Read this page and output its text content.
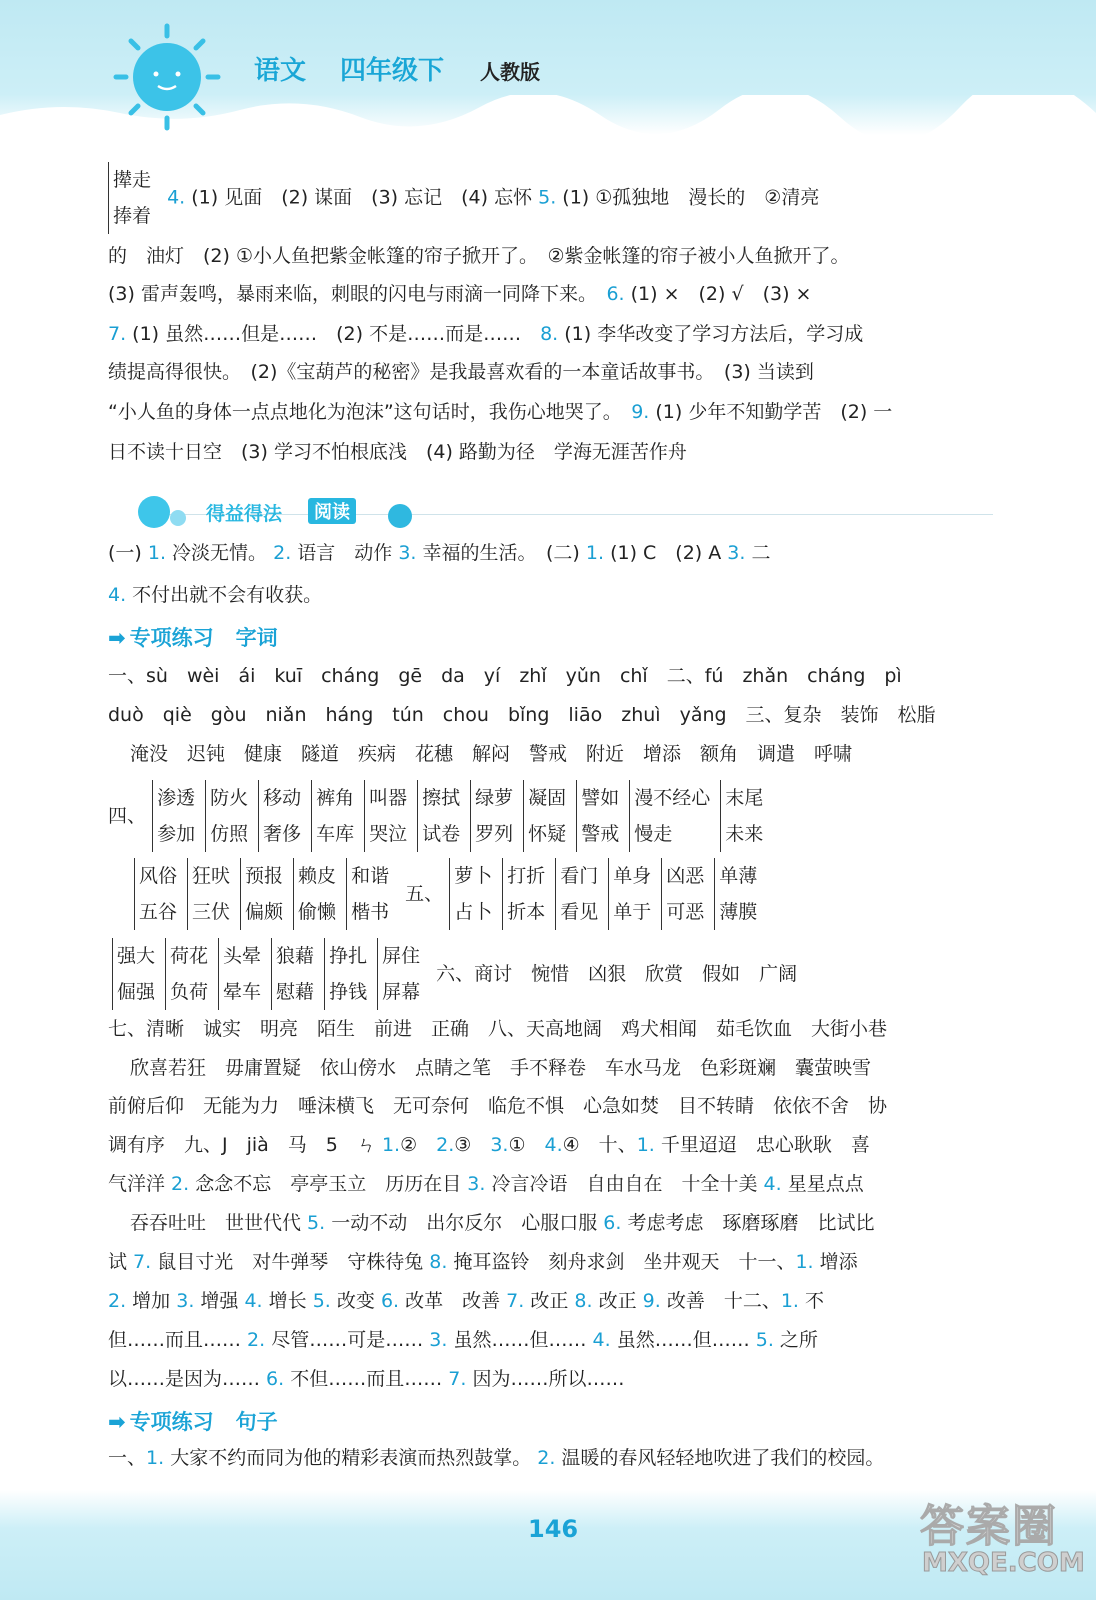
语文 四年级下 人教版
撵走
捧着
4. (1) 见面　(2) 谋面　(3) 忘记　(4) 忘怀 5. (1) ①孤独地　漫长的　②清亮
的　油灯　(2) ①小人鱼把紫金帐篷的帘子掀开了。　②紫金帐篷的帘子被小人鱼掀开了。
(3) 雷声轰鸣，暴雨来临，刺眼的闪电与雨滴一同降下来。　6. (1) ×　(2) √　(3) ×
7. (1) 虽然……但是……　(2) 不是……而是……　8. (1) 李华改变了学习方法后，学习成
绩提高得很快。　(2)《宝葫芦的秘密》是我最喜欢看的一本童话故事书。　(3) 当读到
“小人鱼的身体一点点地化为泡沫”这句话时，我伤心地哭了。　9. (1) 少年不知勤学苦　(2) 一
日不读十日空　(3) 学习不怕根底浅　(4) 路勤为径　学海无涯苦作舟
得益得法	阅读
(一) 1. 冷淡无情。 2. 语言　动作 3. 幸福的生活。　(二) 1. (1) C　(2) A 3. 二
4. 不付出就不会有收获。
➡ 专项练习 字词
一、sù　wèi　ái　kuī　cháng　gē　da　yí　zhǐ　yǔn　chǐ　二、fú　zhǎn　cháng　pì
duò　qiè　gòu　niǎn　háng　tún　chou　bǐng　liāo　zhuì　yǎng　三、复杂　装饰　松脂
淹没　迟钝　健康　隧道　疾病　花穗　解闷　警戒　附近　增添　额角　调遣　呼啸
四、
渗透
参加
防火
仿照
移动
奢侈
裤角
车库
叫器
哭泣
擦拭
试卷
绿萝
罗列
凝固
怀疑
譬如
警戒
漫不经心
慢走
末尾
未来
风俗
五谷
狂吠
三伏
预报
偏颇
赖皮
偷懒
和谐
楷书
五、
萝卜
占卜
打折
折本
看门
看见
单身
单于
凶恶
可恶
单薄
薄膜
强大
倔强
荷花
负荷
头晕
晕车
狼藉
慰藉
挣扎
挣钱
屏住
屏幕
六、商讨　惋惜　凶狠　欣赏　假如　广阔
七、清晰　诚实　明亮　陌生　前进　正确　八、天高地阔　鸡犬相闻　茹毛饮血　大街小巷
欣喜若狂　毋庸置疑　依山傍水　点睛之笔　手不释卷　车水马龙　色彩斑斓　囊萤映雪
前俯后仰　无能为力　唾沫横飞　无可奈何　临危不惧　心急如焚　目不转睛　依依不舍　协
调有序　九、J　jià　马　5　ㄣ 1.②　2.③　3.①　4.④　十、1. 千里迢迢　忠心耿耿　喜
气洋洋 2. 念念不忘　亭亭玉立　历历在目 3. 冷言冷语　自由自在　十全十美 4. 星星点点
吞吞吐吐　世世代代 5. 一动不动　出尔反尔　心服口服 6. 考虑考虑　琢磨琢磨　比试比
试 7. 鼠目寸光　对牛弹琴　守株待兔 8. 掩耳盗铃　刻舟求剑　坐井观天　十一、1. 增添
2. 增加 3. 增强 4. 增长 5. 改变 6. 改革　改善 7. 改正 8. 改正 9. 改善　十二、1. 不
但……而且…… 2. 尽管……可是…… 3. 虽然……但…… 4. 虽然……但…… 5. 之所
以……是因为…… 6. 不但……而且…… 7. 因为……所以……
➡ 专项练习 句子
一、1. 大家不约而同为他的精彩表演而热烈鼓掌。 2. 温暖的春风轻轻地吹进了我们的校园。
146	答案圈
MXQE.COM
